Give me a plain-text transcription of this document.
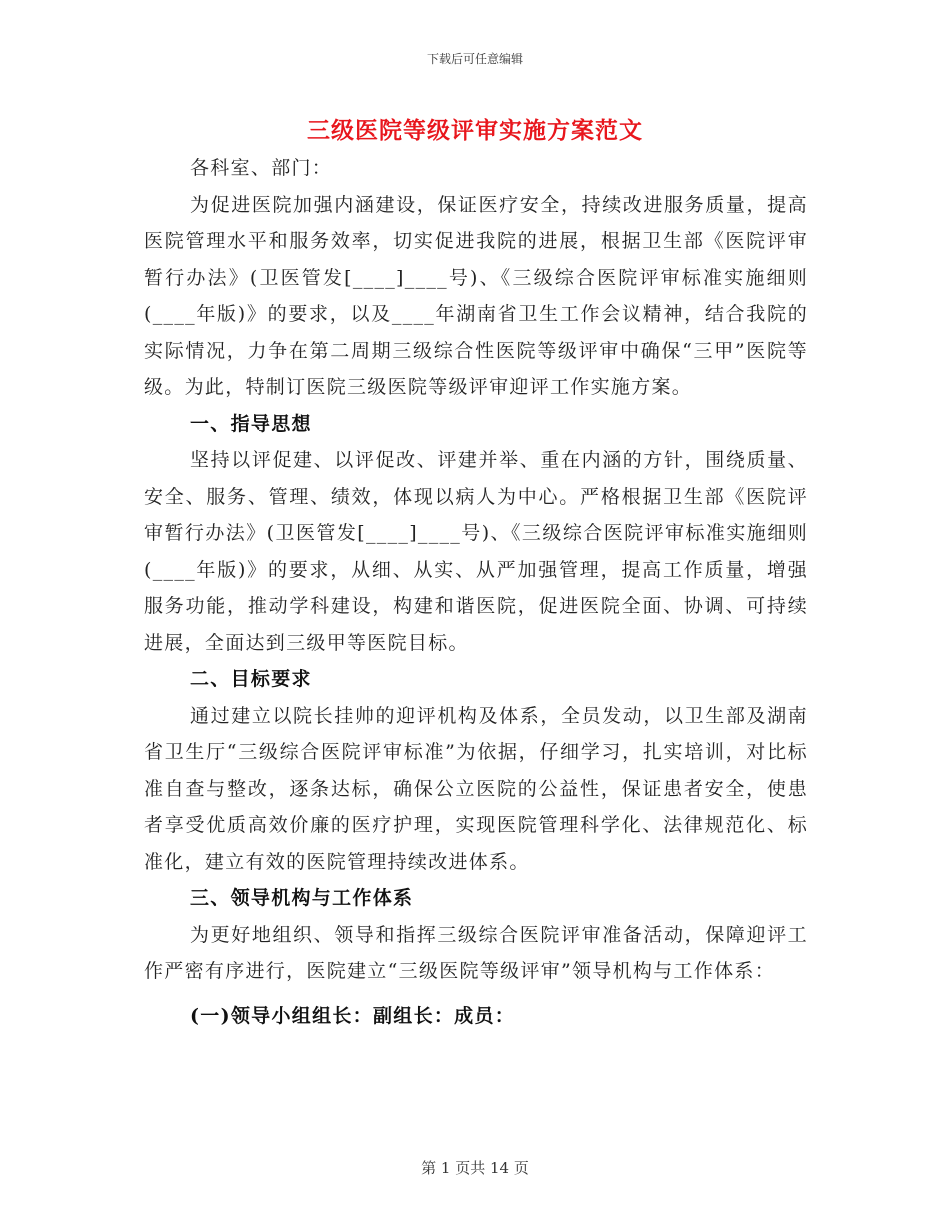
下载后可任意编辑
三级医院等级评审实施方案范文

各科室、部门：

为促进医院加强内涵建设，保证医疗安全，持续改进服务质量，提高医院管理水平和服务效率，切实促进我院的进展，根据卫生部《医院评审暂行办法》(卫医管发[____]____号)、《三级综合医院评审标准实施细则(____年版)》的要求，以及____年湖南省卫生工作会议精神，结合我院的实际情况，力争在第二周期三级综合性医院等级评审中确保“三甲”医院等级。为此，特制订医院三级医院等级评审迎评工作实施方案。

一、指导思想

坚持以评促建、以评促改、评建并举、重在内涵的方针，围绕质量、安全、服务、管理、绩效，体现以病人为中心。严格根据卫生部《医院评审暂行办法》(卫医管发[____]____号)、《三级综合医院评审标准实施细则(____年版)》的要求，从细、从实、从严加强管理，提高工作质量，增强服务功能，推动学科建设，构建和谐医院，促进医院全面、协调、可持续进展，全面达到三级甲等医院目标。

二、目标要求

通过建立以院长挂帅的迎评机构及体系，全员发动，以卫生部及湖南省卫生厅“三级综合医院评审标准”为依据，仔细学习，扎实培训，对比标准自查与整改，逐条达标，确保公立医院的公益性，保证患者安全，使患者享受优质高效价廉的医疗护理，实现医院管理科学化、法律规范化、标准化，建立有效的医院管理持续改进体系。

三、领导机构与工作体系

为更好地组织、领导和指挥三级综合医院评审准备活动，保障迎评工作严密有序进行，医院建立“三级医院等级评审”领导机构与工作体系：

(一)领导小组组长：副组长：成员：

第 1 页共 14 页
